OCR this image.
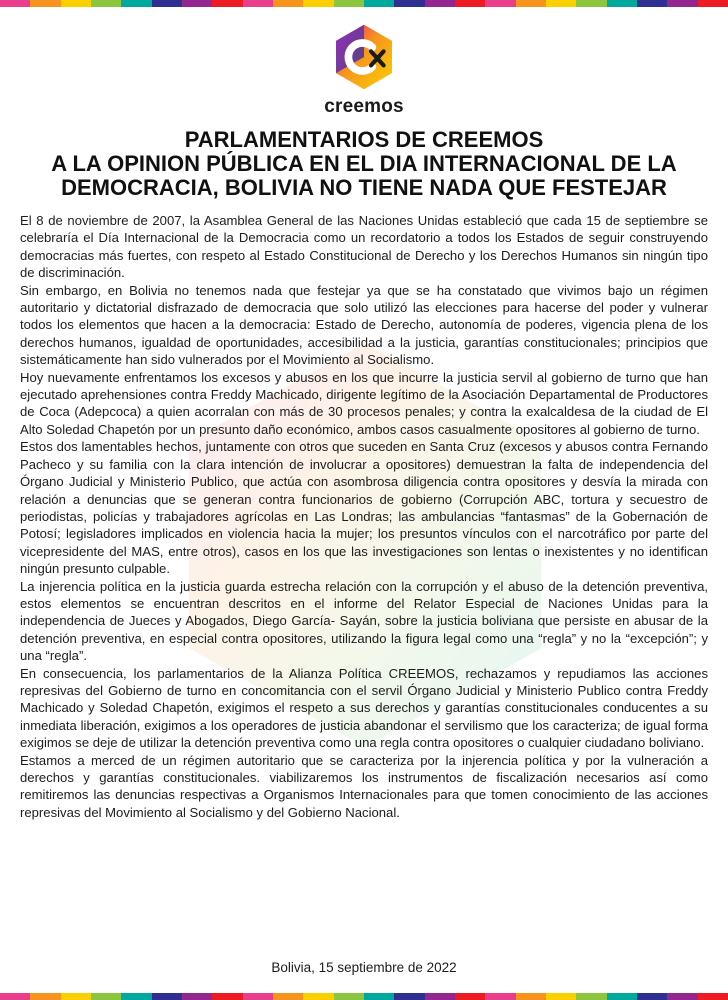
creemos
PARLAMENTARIOS DE CREEMOS
A LA OPINION PÚBLICA EN EL DIA INTERNACIONAL DE LA
DEMOCRACIA, BOLIVIA NO TIENE NADA QUE FESTEJAR

El 8 de noviembre de 2007, la Asamblea General de las Naciones Unidas estableció que cada 15 de septiembre se celebraría el Día Internacional de la Democracia como un recordatorio a todos los Estados de seguir construyendo democracias más fuertes, con respeto al Estado Constitucional de Derecho y los Derechos Humanos sin ningún tipo de discriminación.

Sin embargo, en Bolivia no tenemos nada que festejar ya que se ha constatado que vivimos bajo un régimen autoritario y dictatorial disfrazado de democracia que solo utilizó las elecciones para hacerse del poder y vulnerar todos los elementos que hacen a la democracia: Estado de Derecho, autonomía de poderes, vigencia plena de los derechos humanos, igualdad de oportunidades, accesibilidad a la justicia, garantías constitucionales; principios que sistemáticamente han sido vulnerados por el Movimiento al Socialismo.

Hoy nuevamente enfrentamos los excesos y abusos en los que incurre la justicia servil al gobierno de turno que han ejecutado aprehensiones contra Freddy Machicado, dirigente legítimo de la Asociación Departamental de Productores de Coca (Adepcoca) a quien acorralan con más de 30 procesos penales; y contra la exalcaldesa de la ciudad de El Alto Soledad Chapetón por un presunto daño económico, ambos casos casualmente opositores al gobierno de turno.

Estos dos lamentables hechos, juntamente con otros que suceden en Santa Cruz (excesos y abusos contra Fernando Pacheco y su familia con la clara intención de involucrar a opositores) demuestran la falta de independencia del Órgano Judicial y Ministerio Publico, que actúa con asombrosa diligencia contra opositores y desvía la mirada con relación a denuncias que se generan contra funcionarios de gobierno (Corrupción ABC, tortura y secuestro de periodistas, policías y trabajadores agrícolas en Las Londras; las ambulancias “fantasmas” de la Gobernación de Potosí; legisladores implicados en violencia hacia la mujer; los presuntos vínculos con el narcotráfico por parte del vicepresidente del MAS, entre otros), casos en los que las investigaciones son lentas o inexistentes y no identifican ningún presunto culpable.

La injerencia política en la justicia guarda estrecha relación con la corrupción y el abuso de la detención preventiva, estos elementos se encuentran descritos en el informe del Relator Especial de Naciones Unidas para la independencia de Jueces y Abogados, Diego García- Sayán, sobre la justicia boliviana que persiste en abusar de la detención preventiva, en especial contra opositores, utilizando la figura legal como una “regla” y no la “excepción”; y una “regla”.

En consecuencia, los parlamentarios de la Alianza Política CREEMOS, rechazamos y repudiamos las acciones represivas del Gobierno de turno en concomitancia con el servil Órgano Judicial y Ministerio Publico contra Freddy Machicado y Soledad Chapetón, exigimos el respeto a sus derechos y garantías constitucionales conducentes a su inmediata liberación, exigimos a los operadores de justicia abandonar el servilismo que los caracteriza; de igual forma exigimos se deje de utilizar la detención preventiva como una regla contra opositores o cualquier ciudadano boliviano.

Estamos a merced de un régimen autoritario que se caracteriza por la injerencia política y por la vulneración a derechos y garantías constitucionales. viabilizaremos los instrumentos de fiscalización necesarios así como remitiremos las denuncias respectivas a Organismos Internacionales para que tomen conocimiento de las acciones represivas del Movimiento al Socialismo y del Gobierno Nacional.

Bolivia, 15 septiembre de 2022
